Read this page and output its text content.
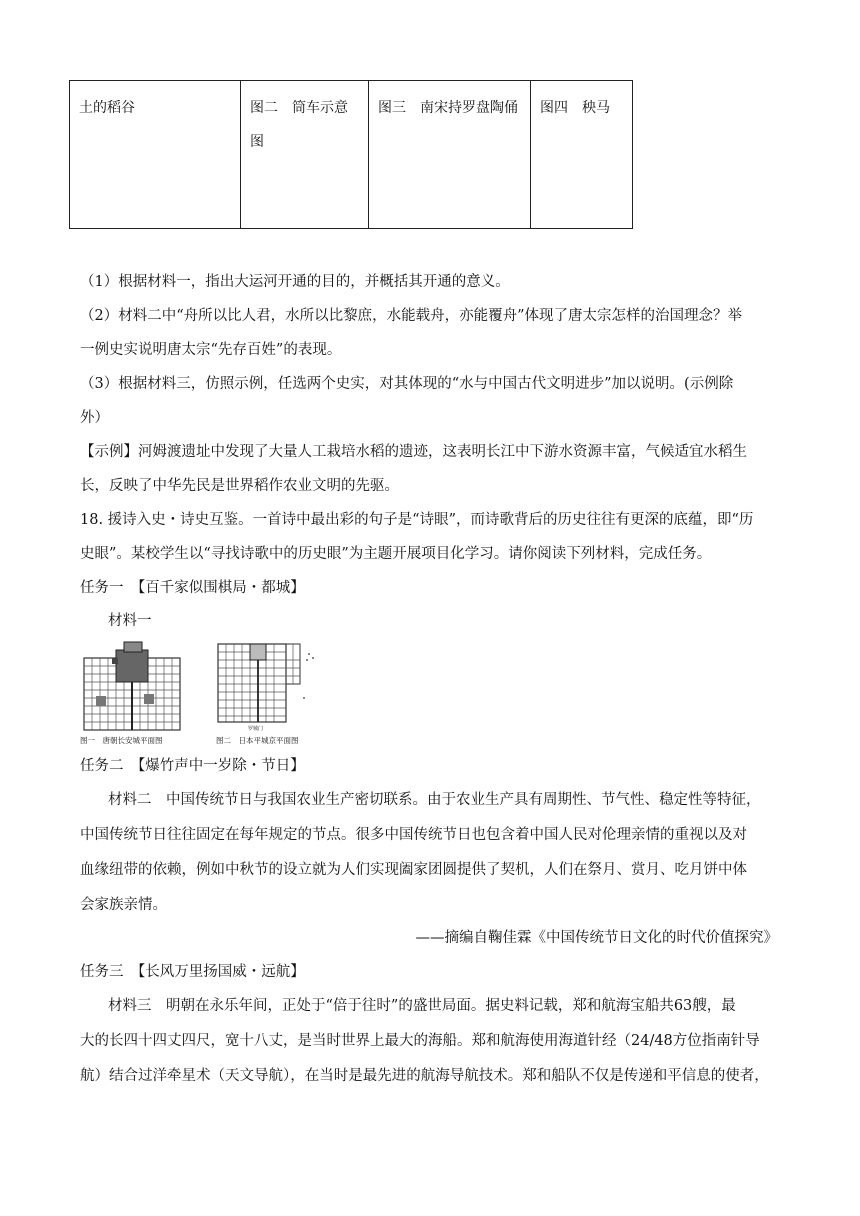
土的稻谷	图二　筒车示意图	图三　南宋持罗盘陶俑	图四　秧马
（1）根据材料一，指出大运河开通的目的，并概括其开通的意义。
（2）材料二中“舟所以比人君，水所以比黎庶，水能载舟，亦能覆舟”体现了唐太宗怎样的治国理念？举
一例史实说明唐太宗“先存百姓”的表现。
（3）根据材料三，仿照示例，任选两个史实，对其体现的“水与中国古代文明进步”加以说明。(示例除
外）
【示例】河姆渡遗址中发现了大量人工栽培水稻的遗迹，这表明长江中下游水资源丰富，气候适宜水稻生
长，反映了中华先民是世界稻作农业文明的先驱。
18. 援诗入史・诗史互鉴。一首诗中最出彩的句子是“诗眼”，而诗歌背后的历史往往有更深的底蕴，即“历
史眼”。某校学生以“寻找诗歌中的历史眼”为主题开展项目化学习。请你阅读下列材料，完成任务。
任务一　【百千家似围棋局・都城】
材料一
图一　唐朝长安城平面图
罗城门
图二　日本平城京平面图
任务二　【爆竹声中一岁除・节日】
材料二　中国传统节日与我国农业生产密切联系。由于农业生产具有周期性、节气性、稳定性等特征，
中国传统节日往往固定在每年规定的节点。很多中国传统节日也包含着中国人民对伦理亲情的重视以及对
血缘纽带的依赖，例如中秋节的设立就为人们实现阖家团圆提供了契机，人们在祭月、赏月、吃月饼中体
会家族亲情。
——摘编自鞠佳霖《中国传统节日文化的时代价值探究》
任务三　【长风万里扬国威・远航】
材料三　明朝在永乐年间，正处于“倍于往时”的盛世局面。据史料记载，郑和航海宝船共63艘，最
大的长四十四丈四尺，宽十八丈，是当时世界上最大的海船。郑和航海使用海道针经（24/48方位指南针导
航）结合过洋牵星术（天文导航），在当时是最先进的航海导航技术。郑和船队不仅是传递和平信息的使者，
